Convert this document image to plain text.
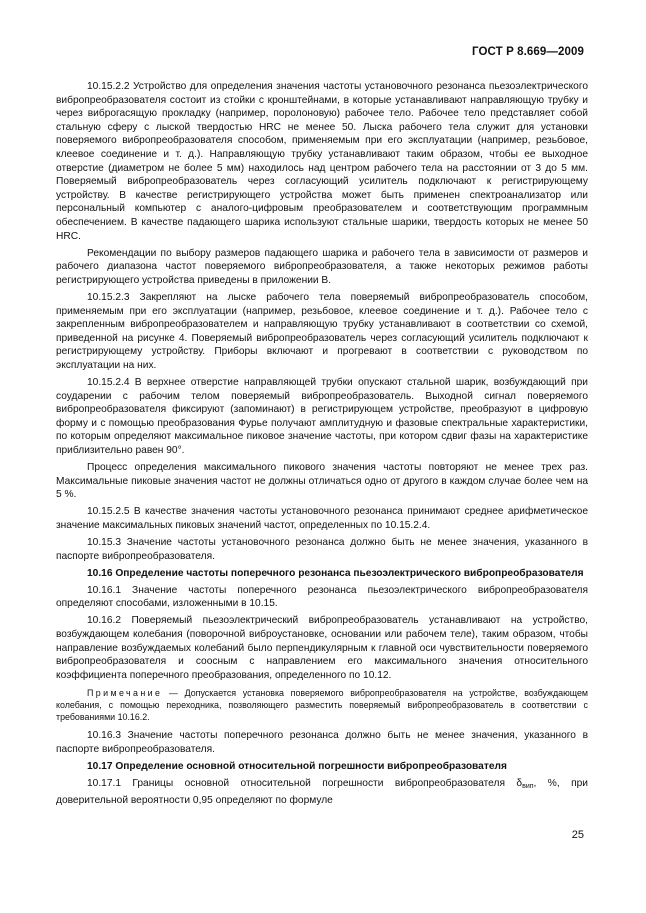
ГОСТ Р 8.669—2009

10.15.2.2 Устройство для определения значения частоты установочного резонанса пьезоэлектрического вибропреобразователя состоит из стойки с кронштейнами, в которые устанавливают направляющую трубку и через виброгасящую прокладку (например, поролоновую) рабочее тело. Рабочее тело представляет собой стальную сферу с лыской твердостью HRC не менее 50. Лыска рабочего тела служит для установки поверяемого вибропреобразователя способом, применяемым при его эксплуатации (например, резьбовое, клеевое соединение и т. д.). Направляющую трубку устанавливают таким образом, чтобы ее выходное отверстие (диаметром не более 5 мм) находилось над центром рабочего тела на расстоянии от 3 до 5 мм. Поверяемый вибропреобразователь через согласующий усилитель подключают к регистрирующему устройству. В качестве регистрирующего устройства может быть применен спектроанализатор или персональный компьютер с аналого-цифровым преобразователем и соответствующим программным обеспечением. В качестве падающего шарика используют стальные шарики, твердость которых не менее 50 HRC.

Рекомендации по выбору размеров падающего шарика и рабочего тела в зависимости от размеров и рабочего диапазона частот поверяемого вибропреобразователя, а также некоторых режимов работы регистрирующего устройства приведены в приложении В.

10.15.2.3 Закрепляют на лыске рабочего тела поверяемый вибропреобразователь способом, применяемым при его эксплуатации (например, резьбовое, клеевое соединение и т. д.). Рабочее тело с закрепленным вибропреобразователем и направляющую трубку устанавливают в соответствии со схемой, приведенной на рисунке 4. Поверяемый вибропреобразователь через согласующий усилитель подключают к регистрирующему устройству. Приборы включают и прогревают в соответствии с руководством по эксплуатации на них.

10.15.2.4 В верхнее отверстие направляющей трубки опускают стальной шарик, возбуждающий при соударении с рабочим телом поверяемый вибропреобразователь. Выходной сигнал поверяемого вибропреобразователя фиксируют (запоминают) в регистрирующем устройстве, преобразуют в цифровую форму и с помощью преобразования Фурье получают амплитудную и фазовые спектральные характеристики, по которым определяют максимальное пиковое значение частоты, при котором сдвиг фазы на характеристике приблизительно равен 90°.

Процесс определения максимального пикового значения частоты повторяют не менее трех раз. Максимальные пиковые значения частот не должны отличаться одно от другого в каждом случае более чем на 5 %.

10.15.2.5 В качестве значения частоты установочного резонанса принимают среднее арифметическое значение максимальных пиковых значений частот, определенных по 10.15.2.4.

10.15.3 Значение частоты установочного резонанса должно быть не менее значения, указанного в паспорте вибропреобразователя.

10.16 Определение частоты поперечного резонанса пьезоэлектрического вибропреобразователя

10.16.1 Значение частоты поперечного резонанса пьезоэлектрического вибропреобразователя определяют способами, изложенными в 10.15.

10.16.2 Поверяемый пьезоэлектрический вибропреобразователь устанавливают на устройство, возбуждающем колебания (поворочной виброустановке, основании или рабочем теле), таким образом, чтобы направление возбуждаемых колебаний было перпендикулярным к главной оси чувствительности поверяемого вибропреобразователя и соосным с направлением его максимального значения относительного коэффициента поперечного преобразования, определенного по 10.12.

Примечание — Допускается установка поверяемого вибропреобразователя на устройстве, возбуждающем колебания, с помощью переходника, позволяющего разместить поверяемый вибропреобразователь в соответствии с требованиями 10.16.2.

10.16.3 Значение частоты поперечного резонанса должно быть не менее значения, указанного в паспорте вибропреобразователя.

10.17 Определение основной относительной погрешности вибропреобразователя

10.17.1 Границы основной относительной погрешности вибропреобразователя $\delta_{вип}$, %, при доверительной вероятности 0,95 определяют по формуле

25
